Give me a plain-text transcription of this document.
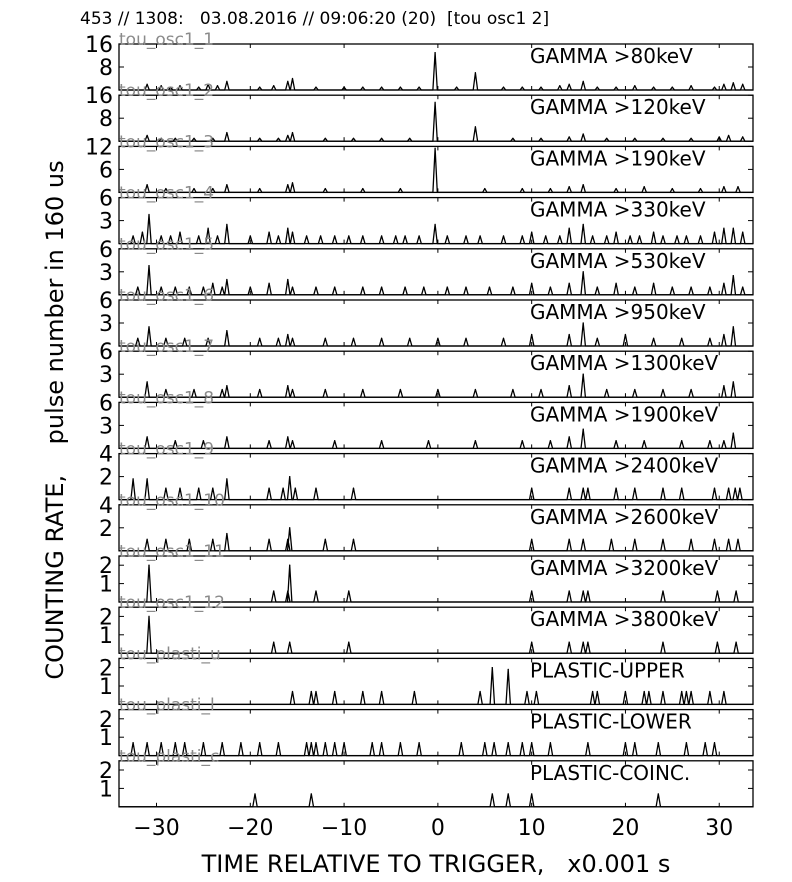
453 // 1308:   03.08.2016 // 09:06:20 (20)  [tou osc1 2]
COUNTING RATE,    pulse number in 160 us
TIME RELATIVE TO TRIGGER,   x0.001 s
8
16	GAMMA >80keV
tou_osc1_1
8
16	GAMMA >120keV
tou_osc1_2
6
12	GAMMA >190keV
tou_osc1_3
3
6	GAMMA >330keV
tou_osc1_4
3
6	GAMMA >530keV
tou_osc1_5
3
6	GAMMA >950keV
tou_osc1_6
3
6	GAMMA >1300keV
tou_osc1_7
3
6	GAMMA >1900keV
tou_osc1_8
2
4	GAMMA >2400keV
tou_osc1_9
2
4	GAMMA >2600keV
tou_osc1_10
1
2	GAMMA >3200keV
tou_osc1_11
1
2	GAMMA >3800keV
tou_osc1_12
1
2	PLASTIC-UPPER
tou_plasti_u
1
2	PLASTIC-LOWER
tou_plasti_l
1
2	PLASTIC-COINC.
tou_plasti_c
−30 −20 −10	0	10	20	30
